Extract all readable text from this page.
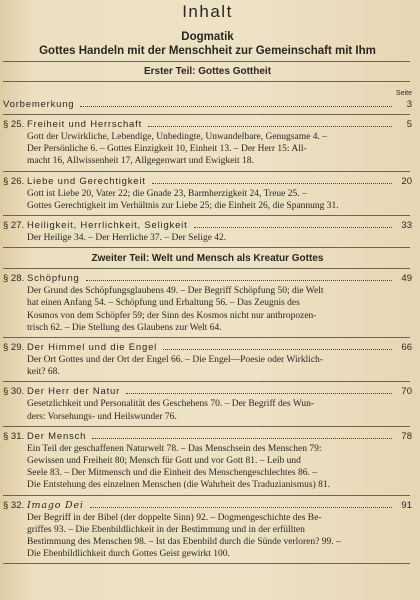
Inhalt
Dogmatik
Gottes Handeln mit der Menschheit zur Gemeinschaft mit Ihm
Erster Teil: Gottes Gottheit
Seite
Vorbemerkung	3
§ 25. Freiheit und Herrschaft	5
Gott der Urwirkliche, Lebendige, Unbedingte, Unwandelbare, Genugsame 4. –
Der Persönliche 6. – Gottes Einzigkeit 10, Einheit 13. – Der Herr 15: All-
macht 16, Allwissenheit 17, Allgegenwart und Ewigkeit 18.
§ 26. Liebe und Gerechtigkeit	20
Gott ist Liebe 20, Vater 22; die Gnade 23, Barmherzigkeit 24, Treue 25. –
Gottes Gerechtigkeit im Verhältnis zur Liebe 25; die Einheit 26, die Spannung 31.
§ 27. Heiligkeit, Herrlichkeit, Seligkeit	33
Der Heilige 34. – Der Herrliche 37. – Der Selige 42.
Zweiter Teil: Welt und Mensch als Kreatur Gottes
§ 28. Schöpfung	49
Der Grund des Schöpfungsglaubens 49. – Der Begriff Schöpfung 50; die Welt
hat einen Anfang 54. – Schöpfung und Erhaltung 56. – Das Zeugnis des
Kosmos von dem Schöpfer 59; der Sinn des Kosmos nicht nur anthropozen-
trisch 62. – Die Stellung des Glaubens zur Welt 64.
§ 29. Der Himmel und die Engel	66
Der Ort Gottes und der Ort der Engel 66. – Die Engel—Poesie oder Wirklich-
keit? 68.
§ 30. Der Herr der Natur	70
Gesetzlichkeit und Personalität des Geschehens 70. – Der Begriff des Wun-
ders: Vorsehungs- und Heilswunder 76.
§ 31. Der Mensch	78
Ein Teil der geschaffenen Naturwelt 78. – Das Menschsein des Menschen 79:
Gewissen und Freiheit 80; Mensch für Gott und vor Gott 81. – Leib und
Seele 83. – Der Mitmensch und die Einheit des Menschengeschlechtes 86. –
Die Entstehung des einzelnen Menschen (die Wahrheit des Traduzianismus) 81.
§ 32. Imago Dei	91
Der Begriff in der Bibel (der doppelte Sinn) 92. – Dogmengeschichte des Be-
griffes 93. – Die Ebenbildlichkeit in der Bestimmung und in der erfüllten
Bestimmung des Menschen 98. – Ist das Ebenbild durch die Sünde verloren? 99. –
Die Ebenbildlichkeit durch Gottes Geist gewirkt 100.
